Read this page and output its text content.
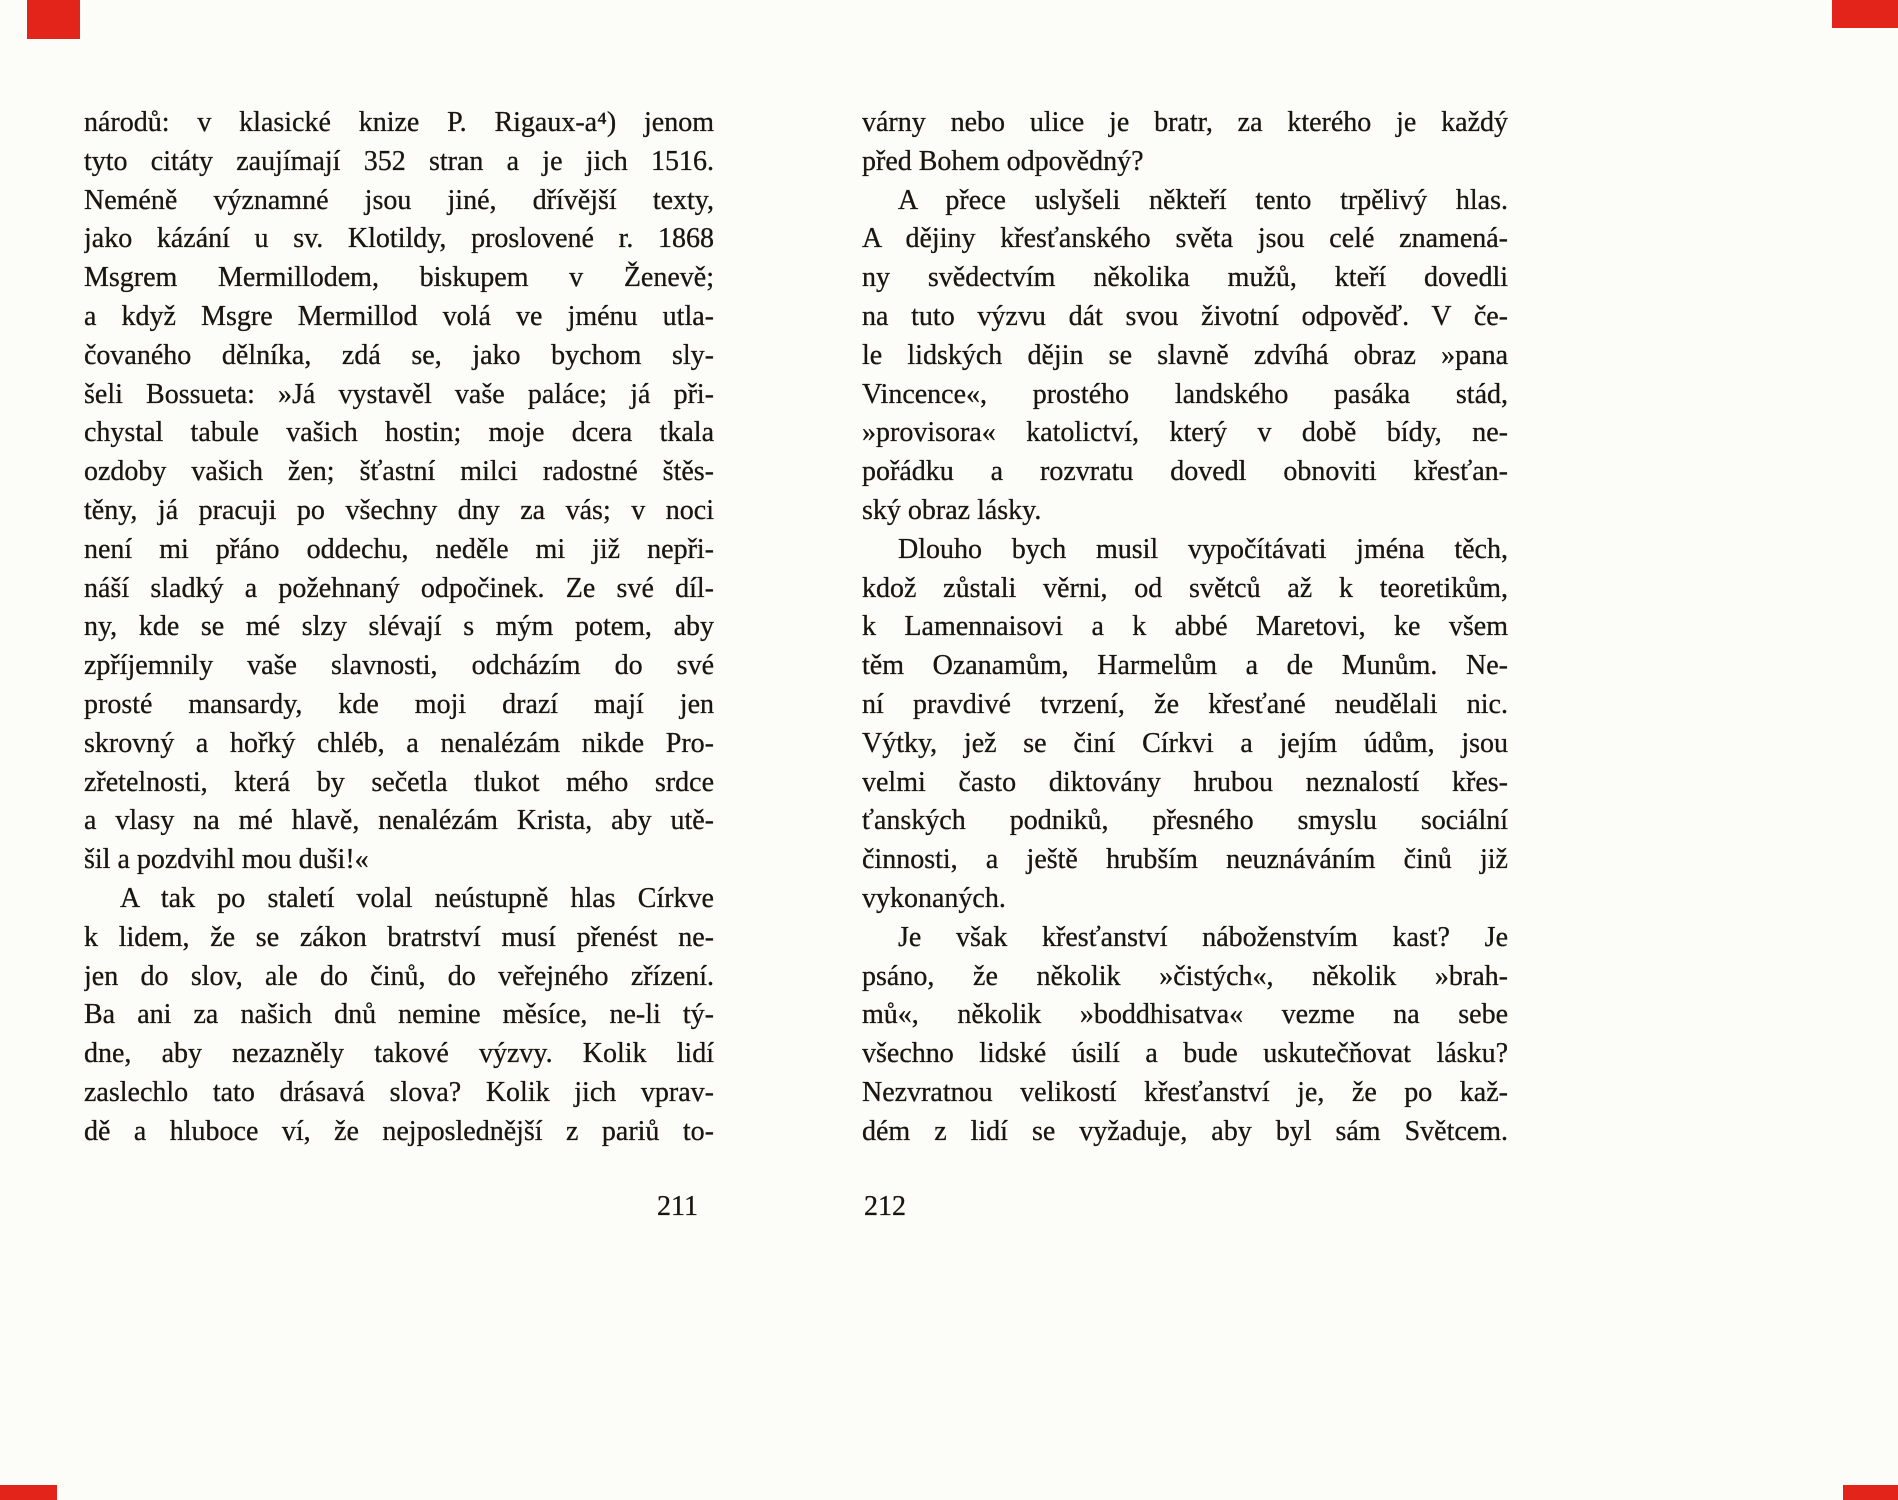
národů: v klasické knize P. Rigaux-a⁴) jenom
tyto citáty zaujímají 352 stran a je jich 1516.
Neméně významné jsou jiné, dřívější texty,
jako kázání u sv. Klotildy, proslovené r. 1868
Msgrem Mermillodem, biskupem v Ženevě;
a když Msgre Mermillod volá ve jménu utla-
čovaného dělníka, zdá se, jako bychom sly-
šeli Bossueta: »Já vystavěl vaše paláce; já při-
chystal tabule vašich hostin; moje dcera tkala
ozdoby vašich žen; šťastní milci radostné štěs-
těny, já pracuji po všechny dny za vás; v noci
není mi přáno oddechu, neděle mi již nepři-
náší sladký a požehnaný odpočinek. Ze své díl-
ny, kde se mé slzy slévají s mým potem, aby
zpříjemnily vaše slavnosti, odcházím do své
prosté mansardy, kde moji drazí mají jen
skrovný a hořký chléb, a nenalézám nikde Pro-
zřetelnosti, která by sečetla tlukot mého srdce
a vlasy na mé hlavě, nenalézám Krista, aby utě-
šil a pozdvihl mou duši!«
A tak po staletí volal neústupně hlas Církve
k lidem, že se zákon bratrství musí přenést ne-
jen do slov, ale do činů, do veřejného zřízení.
Ba ani za našich dnů nemine měsíce, ne-li tý-
dne, aby nezazněly takové výzvy. Kolik lidí
zaslechlo tato drásavá slova? Kolik jich vprav-
dě a hluboce ví, že nejposlednější z pariů to-
211
várny nebo ulice je bratr, za kterého je každý
před Bohem odpovědný?
A přece uslyšeli někteří tento trpělivý hlas.
A dějiny křesťanského světa jsou celé znamená-
ny svědectvím několika mužů, kteří dovedli
na tuto výzvu dát svou životní odpověď. V če-
le lidských dějin se slavně zdvíhá obraz »pana
Vincence«, prostého landského pasáka stád,
»provisora« katolictví, který v době bídy, ne-
pořádku a rozvratu dovedl obnoviti křesťan-
ský obraz lásky.
Dlouho bych musil vypočítávati jména těch,
kdož zůstali věrni, od světců až k teoretikům,
k Lamennaisovi a k abbé Maretovi, ke všem
těm Ozanamům, Harmelům a de Munům. Ne-
ní pravdivé tvrzení, že křesťané neudělali nic.
Výtky, jež se činí Církvi a jejím údům, jsou
velmi často diktovány hrubou neznalostí křes-
ťanských podniků, přesného smyslu sociální
činnosti, a ještě hrubším neuznáváním činů již
vykonaných.
Je však křesťanství náboženstvím kast? Je
psáno, že několik »čistých«, několik »brah-
mů«, několik »boddhisatva« vezme na sebe
všechno lidské úsilí a bude uskutečňovat lásku?
Nezvratnou velikostí křesťanství je, že po kaž-
dém z lidí se vyžaduje, aby byl sám Světcem.
212
